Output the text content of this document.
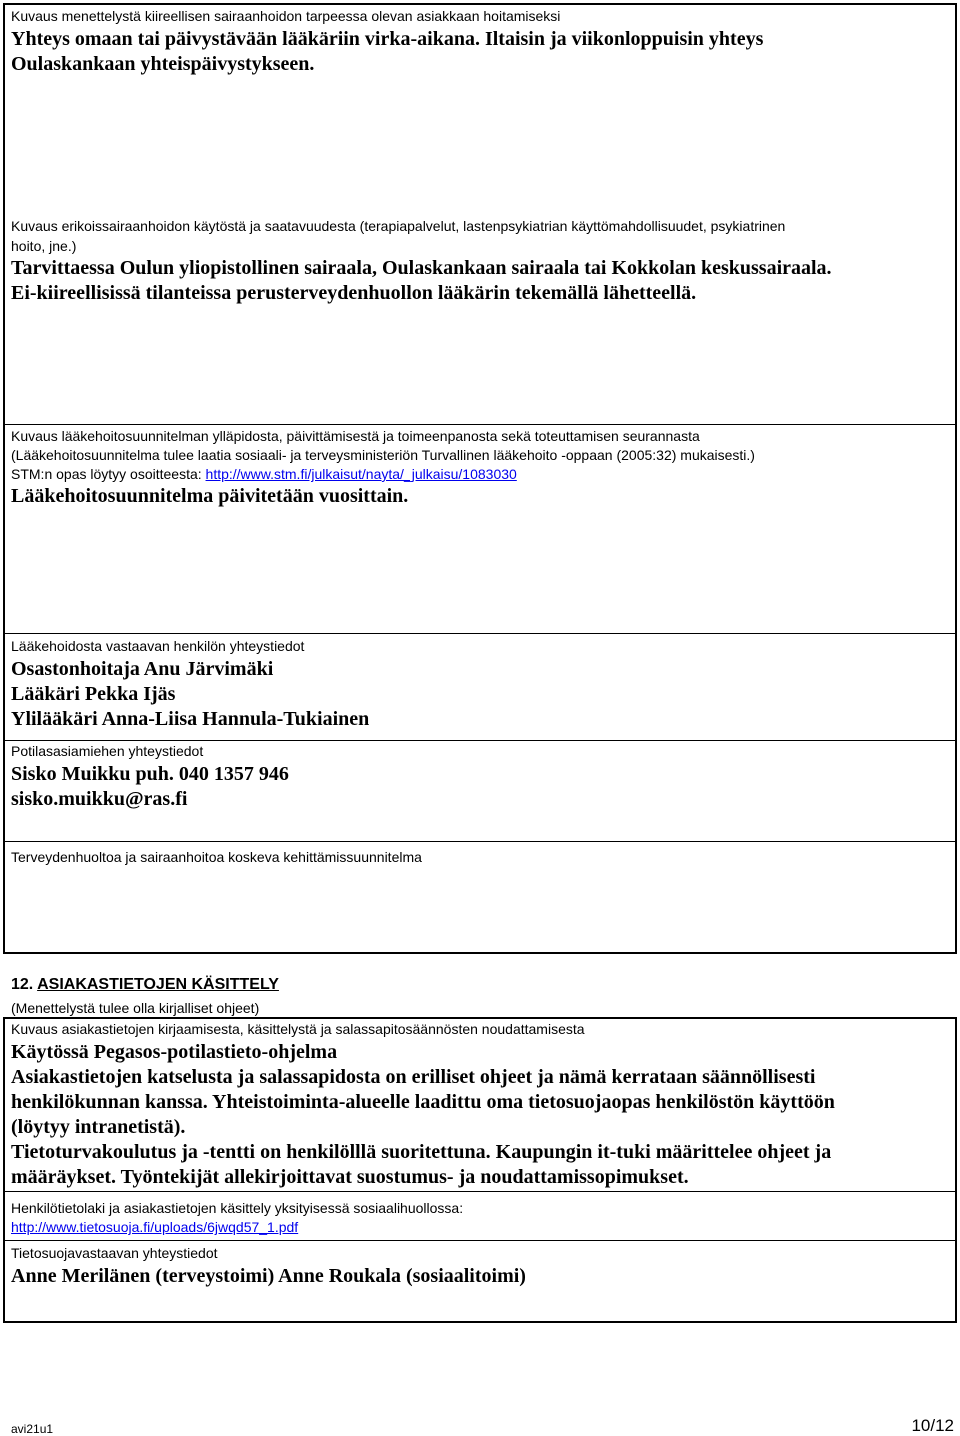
Kuvaus menettelystä kiireellisen sairaanhoidon tarpeessa olevan asiakkaan hoitamiseksi
Yhteys omaan tai päivystävään lääkäriin virka-aikana. Iltaisin ja viikonloppuisin yhteys
Oulaskankaan yhteispäivystykseen.
Kuvaus erikoissairaanhoidon käytöstä ja saatavuudesta (terapiapalvelut, lastenpsykiatrian käyttömahdollisuudet, psykiatrinen
hoito, jne.)
Tarvittaessa Oulun yliopistollinen sairaala, Oulaskankaan sairaala tai Kokkolan keskussairaala.
Ei-kiireellisissä tilanteissa perusterveydenhuollon lääkärin tekemällä lähetteellä.
Kuvaus lääkehoitosuunnitelman ylläpidosta, päivittämisestä ja toimeenpanosta sekä toteuttamisen seurannasta
(Lääkehoitosuunnitelma tulee laatia sosiaali- ja terveysministeriön Turvallinen lääkehoito -oppaan (2005:32) mukaisesti.)
STM:n opas löytyy osoitteesta: http://www.stm.fi/julkaisut/nayta/_julkaisu/1083030
Lääkehoitosuunnitelma päivitetään vuosittain.
Lääkehoidosta vastaavan henkilön yhteystiedot
Osastonhoitaja Anu Järvimäki
Lääkäri Pekka Ijäs
Ylilääkäri Anna-Liisa Hannula-Tukiainen
Potilasasiamiehen yhteystiedot
Sisko Muikku puh. 040 1357 946
sisko.muikku@ras.fi
Terveydenhuoltoa ja sairaanhoitoa koskeva kehittämissuunnitelma
12. ASIAKASTIETOJEN KÄSITTELY
(Menettelystä tulee olla kirjalliset ohjeet)
Kuvaus asiakastietojen kirjaamisesta, käsittelystä ja salassapitosäännösten noudattamisesta
Käytössä Pegasos-potilastieto-ohjelma
Asiakastietojen katselusta ja salassapidosta on erilliset ohjeet ja nämä kerrataan säännöllisesti
henkilökunnan kanssa. Yhteistoiminta-alueelle laadittu oma tietosuojaopas henkilöstön käyttöön
(löytyy intranetistä).
Tietoturvakoulutus ja -tentti on henkilölllä suoritettuna. Kaupungin it-tuki määrittelee ohjeet ja
määräykset. Työntekijät allekirjoittavat suostumus- ja noudattamissopimukset.
Henkilötietolaki ja asiakastietojen käsittely yksityisessä sosiaalihuollossa:
http://www.tietosuoja.fi/uploads/6jwqd57_1.pdf
Tietosuojavastaavan yhteystiedot
Anne Merilänen (terveystoimi) Anne Roukala (sosiaalitoimi)
avi21u1	10/12
